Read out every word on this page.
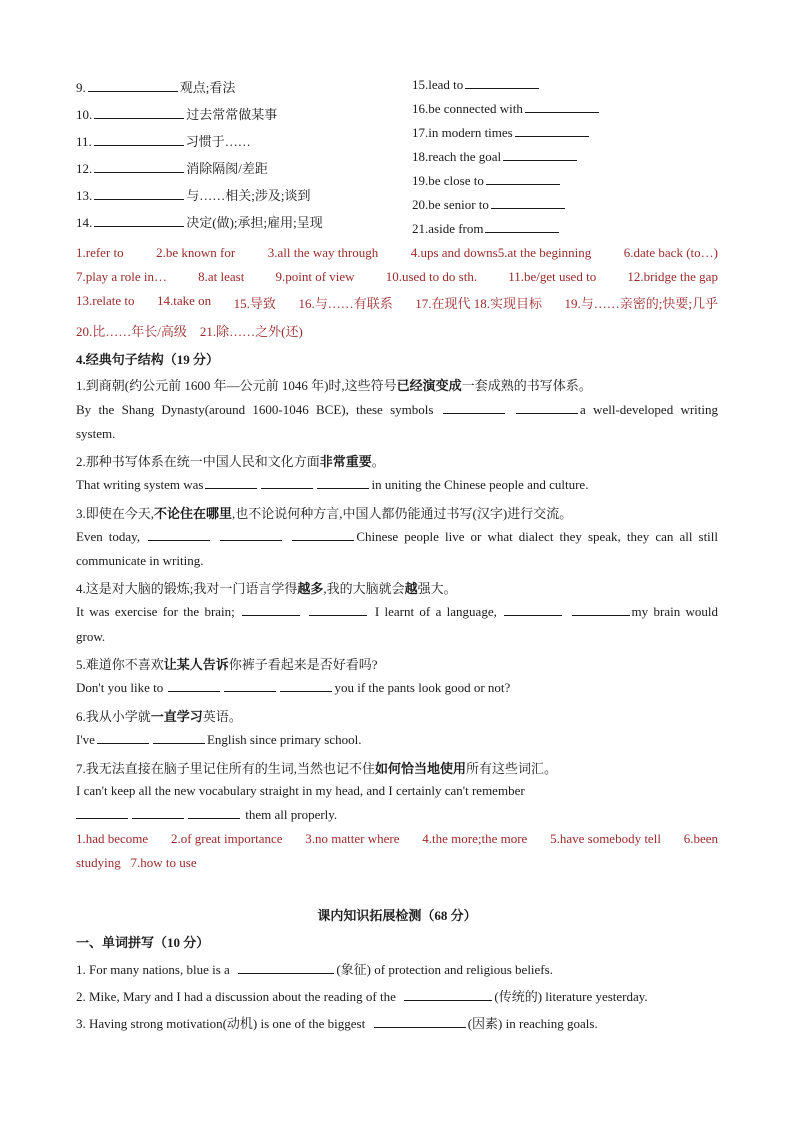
9.	观点;看法
10.	过去常常做某事
11.	习惯于……
12.	消除隔阂/差距
13.	与……相关;涉及;谈到
14.	决定(做);承担;雇用;呈现
15.lead to
16.be connected with
17.in modern times
18.reach the goal
19.be close to
20.be senior to
21.aside from
1.refer to	2.be known for	3.all the way through	4.ups and downs5.at the beginning	6.date back (to…)
7.play a role in… 8.at least 9.point of view 10.used to do sth. 11.be/get used to 12.bridge the gap
13.relate to 14.take on 15.导致 16.与……有联系 17.在现代 18.实现目标 19.与……亲密的;快要;几乎
20.比……年长/高级 21.除……之外(还)
4.经典句子结构（19 分）
1.到商朝(约公元前 1600 年—公元前 1046 年)时,这些符号已经演变成一套成熟的书写体系。
By the Shang Dynasty(around 1600-1046 BCE), these symbols	a well-developed writing
system.
2.那种书写体系在统一中国人民和文化方面非常重要。
That writing system was	in uniting the Chinese people and culture.
3.即使在今天,不论住在哪里,也不论说何种方言,中国人都仍能通过书写(汉字)进行交流。
Even today,	Chinese people live or what dialect they speak, they can all still
communicate in writing.
4.这是对大脑的锻炼;我对一门语言学得越多,我的大脑就会越强大。
It was exercise for the brain;	I learnt of a language,	my brain would
grow.
5.难道你不喜欢让某人告诉你裤子看起来是否好看吗?
Don't you like to	you if the pants look good or not?
6.我从小学就一直学习英语。
I've	English since primary school.
7.我无法直接在脑子里记住所有的生词,当然也记不住如何恰当地使用所有这些词汇。
I can't keep all the new vocabulary straight in my head, and I certainly can't remember
them all properly.
1.had become 2.of great importance 3.no matter where 4.the more;the more 5.have somebody tell 6.been
studying 7.how to use
课内知识拓展检测（68 分）
一、单词拼写（10 分）
1. For many nations, blue is a	(象征) of protection and religious beliefs.
2. Mike, Mary and I had a discussion about the reading of the	(传统的) literature yesterday.
3. Having strong motivation(动机) is one of the biggest	(因素) in reaching goals.
